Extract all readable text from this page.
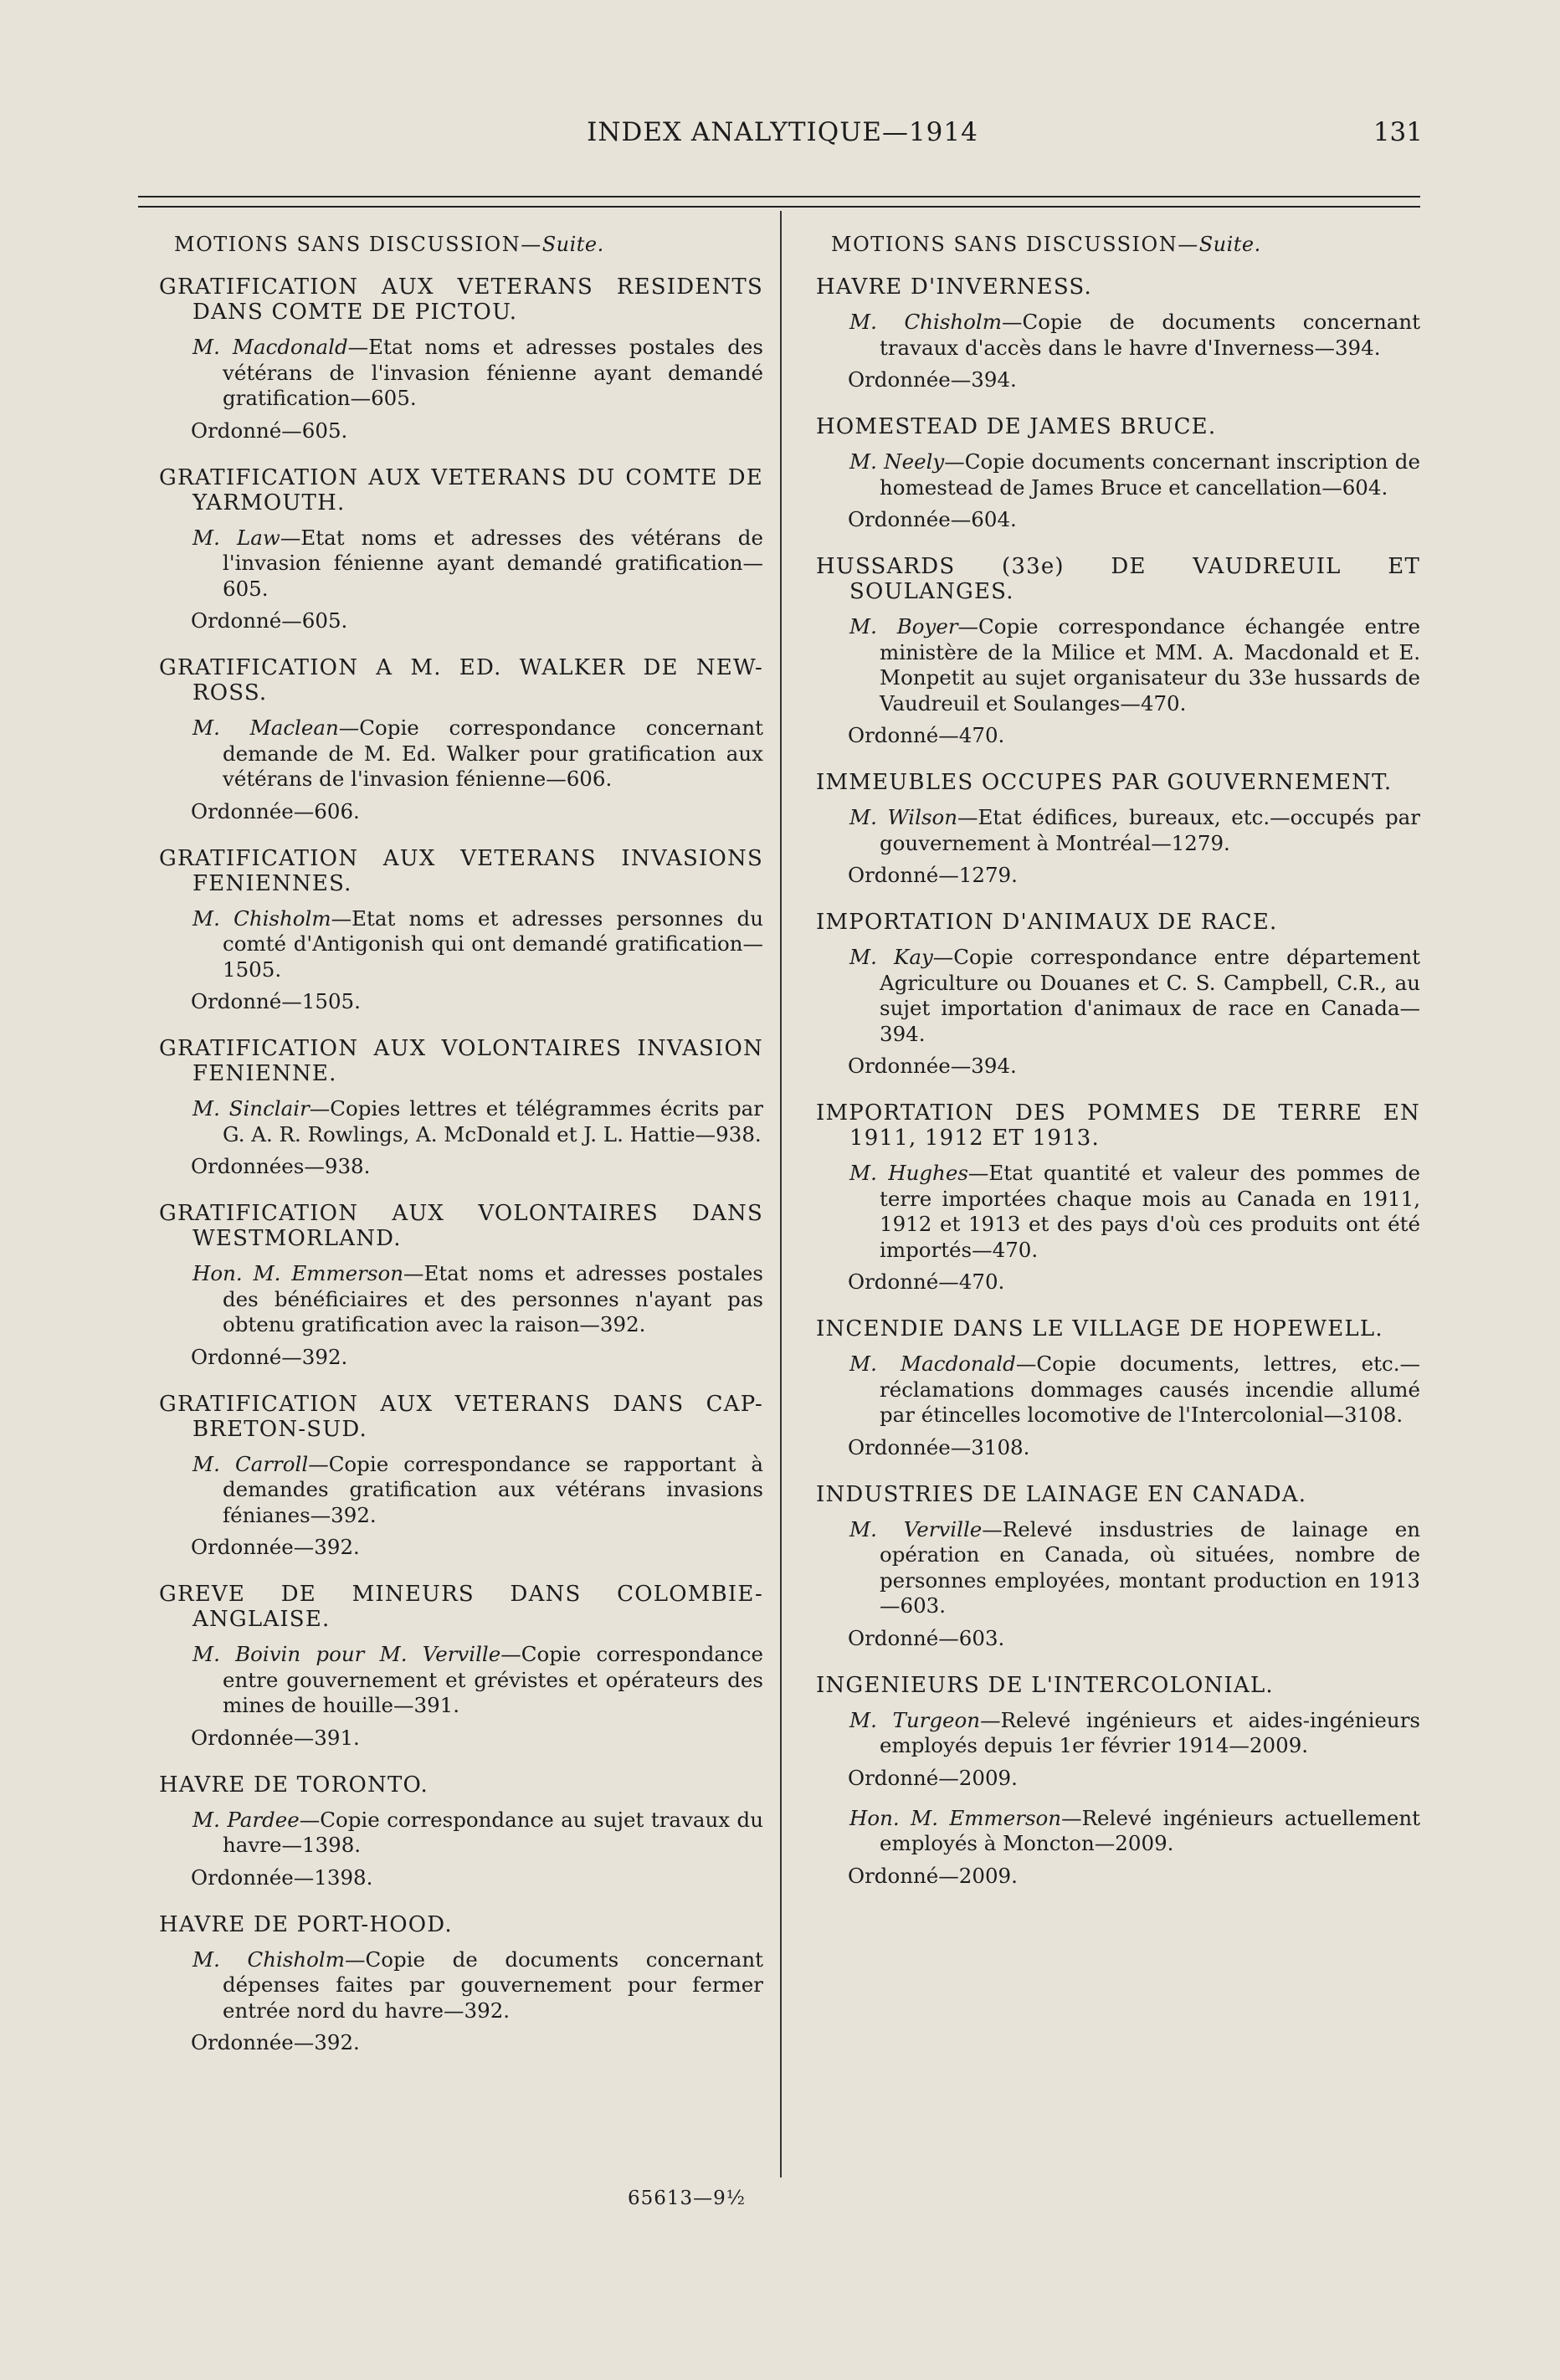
INDEX ANALYTIQUE—1914	131
MOTIONS SANS DISCUSSION—Suite.
GRATIFICATION AUX VETERANS RESIDENTS DANS COMTE DE PICTOU.
M. Macdonald—Etat noms et adresses postales des vétérans de l'invasion fénienne ayant demandé gratification—605.
Ordonné—605.
GRATIFICATION AUX VETERANS DU COMTE DE YARMOUTH.
M. Law—Etat noms et adresses des vétérans de l'invasion fénienne ayant demandé gratification—605.
Ordonné—605.
GRATIFICATION A M. ED. WALKER DE NEW-ROSS.
M. Maclean—Copie correspondance concernant demande de M. Ed. Walker pour gratification aux vétérans de l'invasion fénienne—606.
Ordonnée—606.
GRATIFICATION AUX VETERANS INVASIONS FENIENNES.
M. Chisholm—Etat noms et adresses personnes du comté d'Antigonish qui ont demandé gratification—1505.
Ordonné—1505.
GRATIFICATION AUX VOLONTAIRES INVASION FENIENNE.
M. Sinclair—Copies lettres et télégrammes écrits par G. A. R. Rowlings, A. McDonald et J. L. Hattie—938.
Ordonnées—938.
GRATIFICATION AUX VOLONTAIRES DANS WESTMORLAND.
Hon. M. Emmerson—Etat noms et adresses postales des bénéficiaires et des personnes n'ayant pas obtenu gratification avec la raison—392.
Ordonné—392.
GRATIFICATION AUX VETERANS DANS CAP-BRETON-SUD.
M. Carroll—Copie correspondance se rapportant à demandes gratification aux vétérans invasions fénianes—392.
Ordonnée—392.
GREVE DE MINEURS DANS COLOMBIE-ANGLAISE.
M. Boivin pour M. Verville—Copie correspondance entre gouvernement et grévistes et opérateurs des mines de houille—391.
Ordonnée—391.
HAVRE DE TORONTO.
M. Pardee—Copie correspondance au sujet travaux du havre—1398.
Ordonnée—1398.
HAVRE DE PORT-HOOD.
M. Chisholm—Copie de documents concernant dépenses faites par gouvernement pour fermer entrée nord du havre—392.
Ordonnée—392.
MOTIONS SANS DISCUSSION—Suite.
HAVRE D'INVERNESS.
M. Chisholm—Copie de documents concernant travaux d'accès dans le havre d'Inverness—394.
Ordonnée—394.
HOMESTEAD DE JAMES BRUCE.
M. Neely—Copie documents concernant inscription de homestead de James Bruce et cancellation—604.
Ordonnée—604.
HUSSARDS (33e) DE VAUDREUIL ET SOULANGES.
M. Boyer—Copie correspondance échangée entre ministère de la Milice et MM. A. Macdonald et E. Monpetit au sujet organisateur du 33e hussards de Vaudreuil et Soulanges—470.
Ordonné—470.
IMMEUBLES OCCUPES PAR GOUVERNEMENT.
M. Wilson—Etat édifices, bureaux, etc.—occupés par gouvernement à Montréal—1279.
Ordonné—1279.
IMPORTATION D'ANIMAUX DE RACE.
M. Kay—Copie correspondance entre département Agriculture ou Douanes et C. S. Campbell, C.R., au sujet importation d'animaux de race en Canada—394.
Ordonnée—394.
IMPORTATION DES POMMES DE TERRE EN 1911, 1912 ET 1913.
M. Hughes—Etat quantité et valeur des pommes de terre importées chaque mois au Canada en 1911, 1912 et 1913 et des pays d'où ces produits ont été importés—470.
Ordonné—470.
INCENDIE DANS LE VILLAGE DE HOPEWELL.
M. Macdonald—Copie documents, lettres, etc.—réclamations dommages causés incendie allumé par étincelles locomotive de l'Intercolonial—3108.
Ordonnée—3108.
INDUSTRIES DE LAINAGE EN CANADA.
M. Verville—Relevé insdustries de lainage en opération en Canada, où situées, nombre de personnes employées, montant production en 1913—603.
Ordonné—603.
INGENIEURS DE L'INTERCOLONIAL.
M. Turgeon—Relevé ingénieurs et aides-ingénieurs employés depuis 1er février 1914—2009.
Ordonné—2009.
Hon. M. Emmerson—Relevé ingénieurs actuellement employés à Moncton—2009.
Ordonné—2009.
65613—9½
